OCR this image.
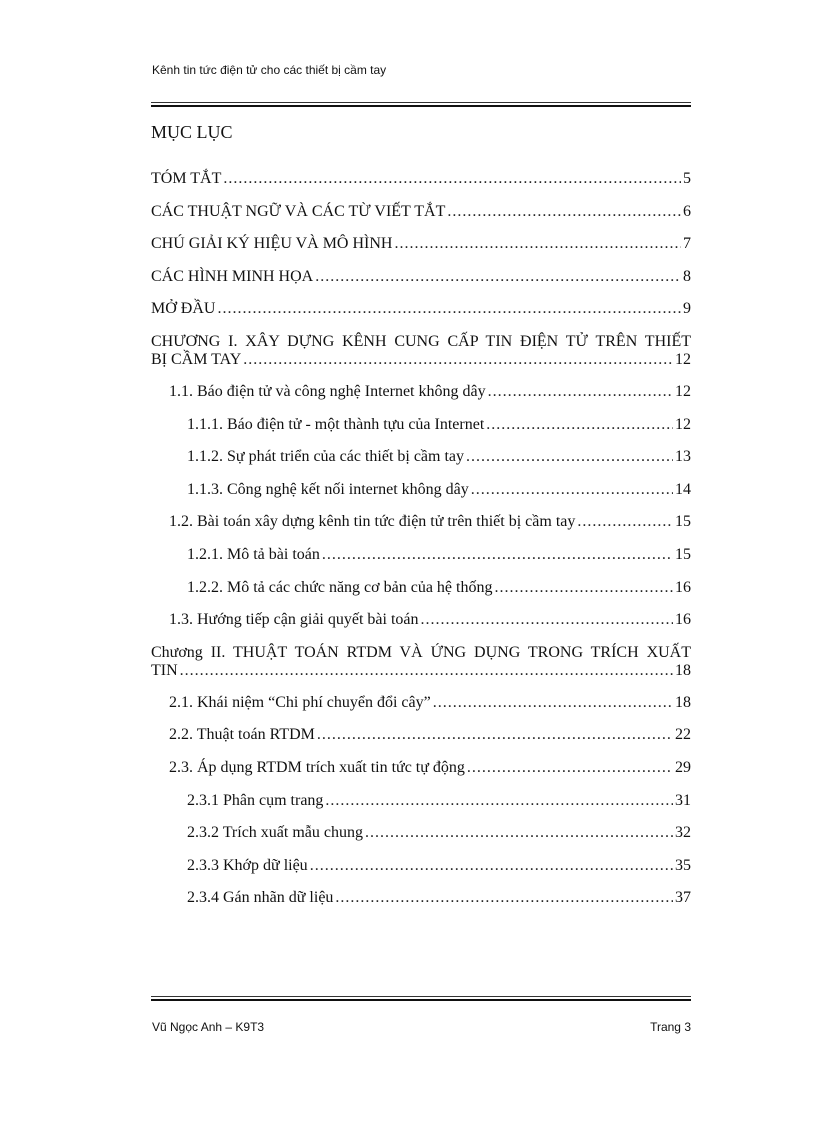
Kênh tin tức điện tử cho các thiết bị cầm tay
MỤC LỤC
TÓM TẮT .....	5
CÁC THUẬT NGỮ VÀ CÁC TỪ VIẾT TẮT .....	6
CHÚ GIẢI KÝ HIỆU VÀ MÔ HÌNH .....	7
CÁC HÌNH MINH HỌA .....	8
MỞ ĐẦU .....	9
CHƯƠNG I. XÂY DỰNG KÊNH CUNG CẤP TIN ĐIỆN TỬ TRÊN THIẾT
BỊ CẦM TAY .....	12
1.1. Báo điện tử và công nghệ Internet không dây .....	12
1.1.1. Báo điện tử - một thành tựu của Internet .....	12
1.1.2. Sự phát triển của các thiết bị cầm tay .....	13
1.1.3. Công nghệ kết nối internet không dây .....	14
1.2. Bài toán xây dựng kênh tin tức điện tử trên thiết bị cầm tay .....	15
1.2.1. Mô tả bài toán .....	15
1.2.2. Mô tả các chức năng cơ bản của hệ thống .....	16
1.3. Hướng tiếp cận giải quyết bài toán .....	16
Chương II. THUẬT TOÁN RTDM VÀ ỨNG DỤNG TRONG TRÍCH XUẤT
TIN .....	18
2.1. Khái niệm “Chi phí chuyển đổi cây” .....	18
2.2. Thuật toán RTDM .....	22
2.3. Áp dụng RTDM trích xuất tin tức tự động .....	29
2.3.1 Phân cụm trang .....	31
2.3.2 Trích xuất mẫu chung .....	32
2.3.3 Khớp dữ liệu .....	35
2.3.4 Gán nhãn dữ liệu .....	37
Vũ Ngọc Anh – K9T3	Trang 3
